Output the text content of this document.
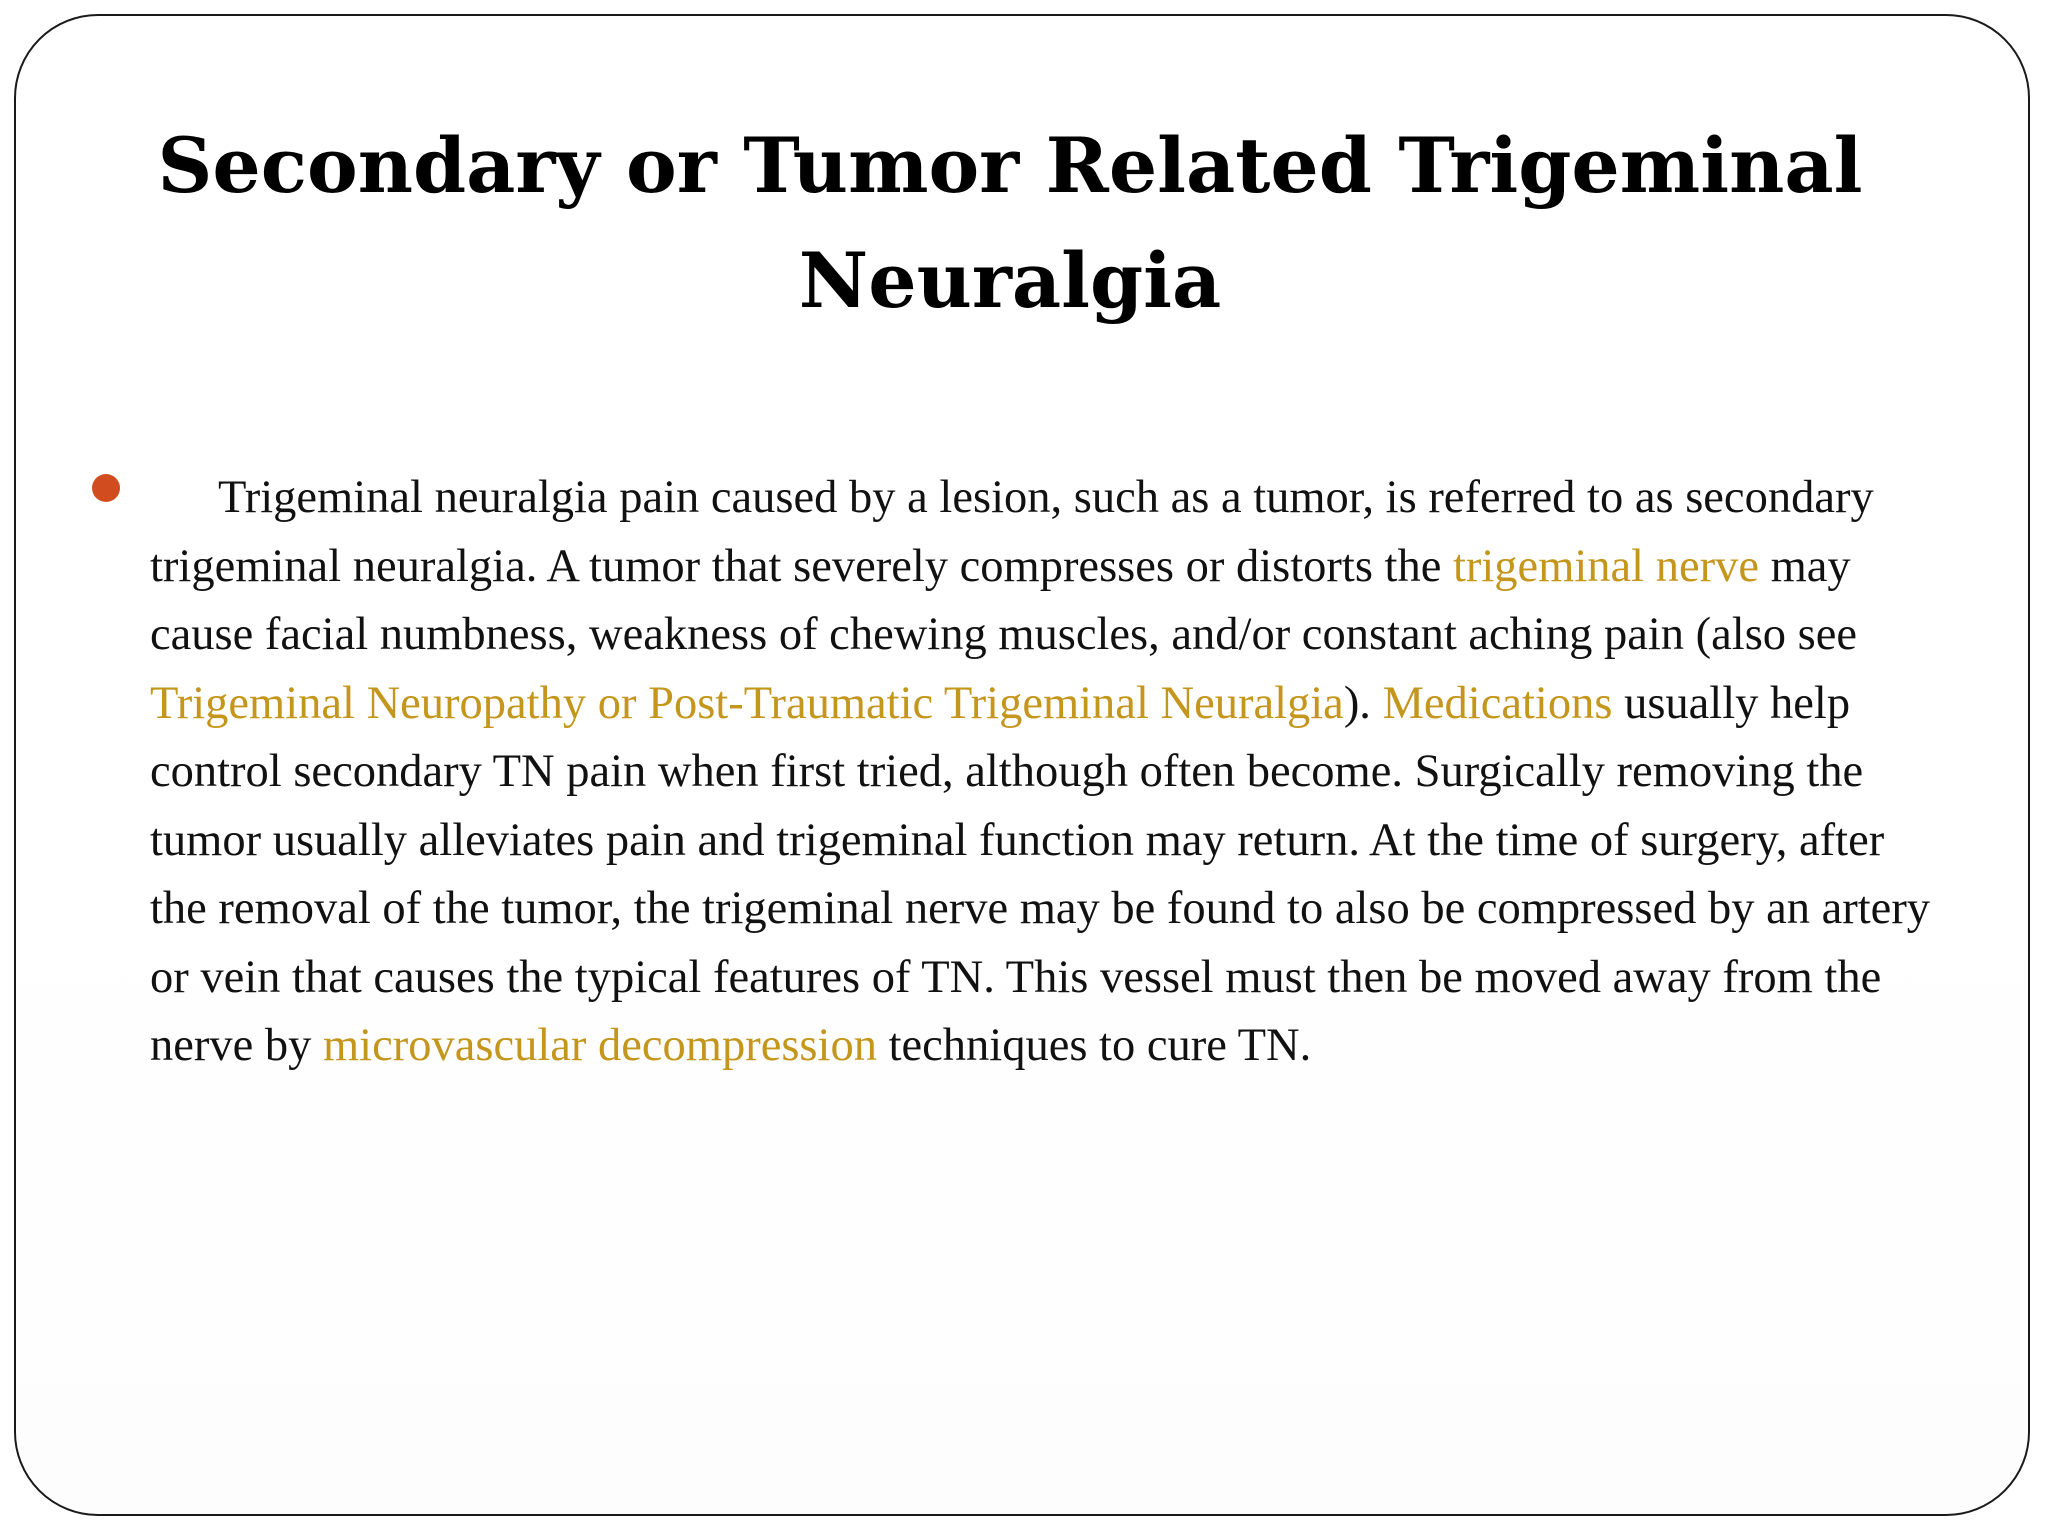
Secondary or Tumor Related Trigeminal
Neuralgia

Trigeminal neuralgia pain caused by a lesion, such as a tumor, is referred to as secondary trigeminal neuralgia. A tumor that severely compresses or distorts the trigeminal nerve may cause facial numbness, weakness of chewing muscles, and/or constant aching pain (also see
Trigeminal Neuropathy or Post-Traumatic Trigeminal Neuralgia). Medications usually help control secondary TN pain when first tried, although often become. Surgically removing the tumor usually alleviates pain and trigeminal function may return. At the time of surgery, after the removal of the tumor, the trigeminal nerve may be found to also be compressed by an artery or vein that causes the typical features of TN. This vessel must then be moved away from the nerve by microvascular decompression techniques to cure TN.
